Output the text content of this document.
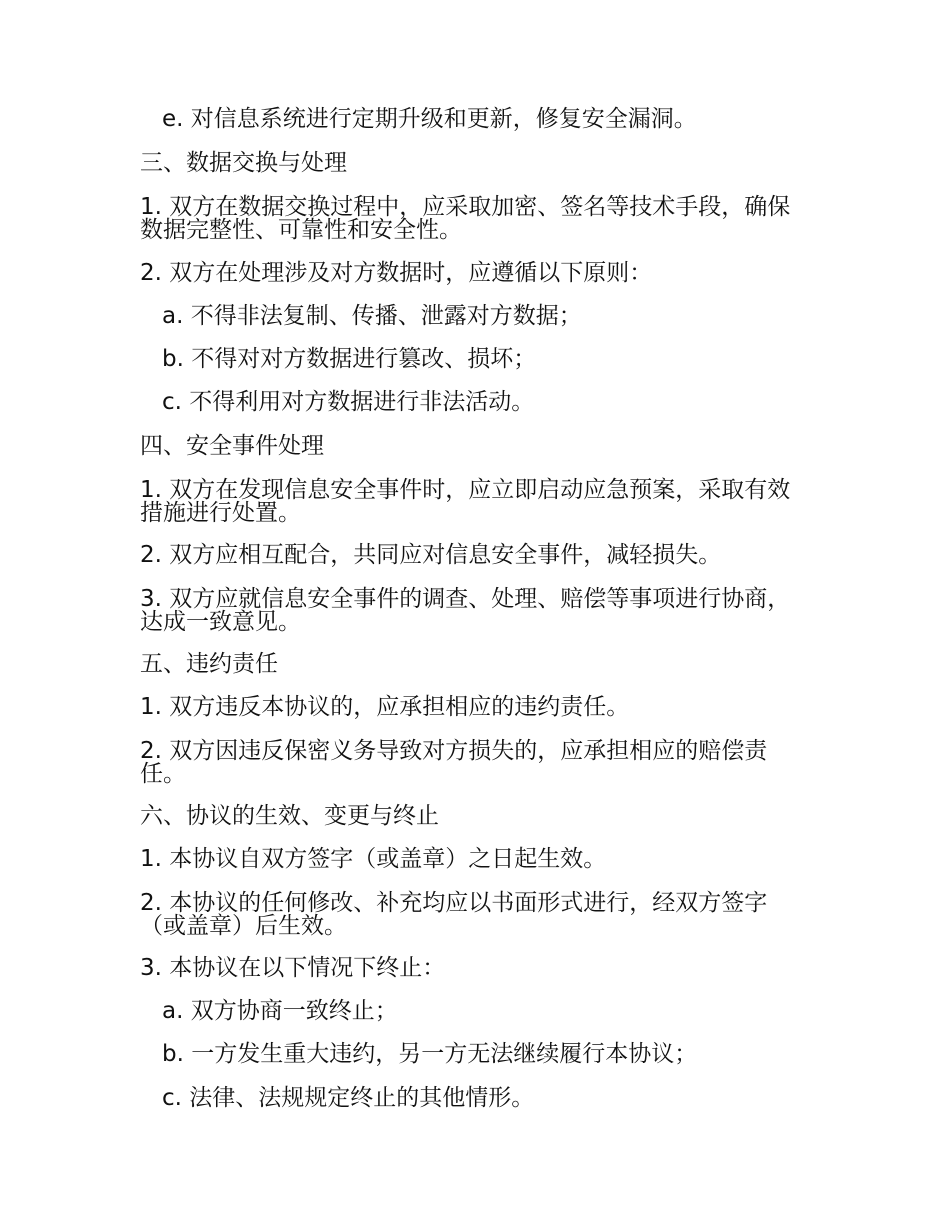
e. 对信息系统进行定期升级和更新，修复安全漏洞。
三、数据交换与处理
1. 双方在数据交换过程中，应采取加密、签名等技术手段，确保数据完整性、可靠性和安全性。
2. 双方在处理涉及对方数据时，应遵循以下原则：
a. 不得非法复制、传播、泄露对方数据；
b. 不得对对方数据进行篡改、损坏；
c. 不得利用对方数据进行非法活动。
四、安全事件处理
1. 双方在发现信息安全事件时，应立即启动应急预案，采取有效措施进行处置。
2. 双方应相互配合，共同应对信息安全事件，减轻损失。
3. 双方应就信息安全事件的调查、处理、赔偿等事项进行协商，达成一致意见。
五、违约责任
1. 双方违反本协议的，应承担相应的违约责任。
2. 双方因违反保密义务导致对方损失的，应承担相应的赔偿责任。
六、协议的生效、变更与终止
1. 本协议自双方签字（或盖章）之日起生效。
2. 本协议的任何修改、补充均应以书面形式进行，经双方签字（或盖章）后生效。
3. 本协议在以下情况下终止：
a. 双方协商一致终止；
b. 一方发生重大违约，另一方无法继续履行本协议；
c. 法律、法规规定终止的其他情形。
